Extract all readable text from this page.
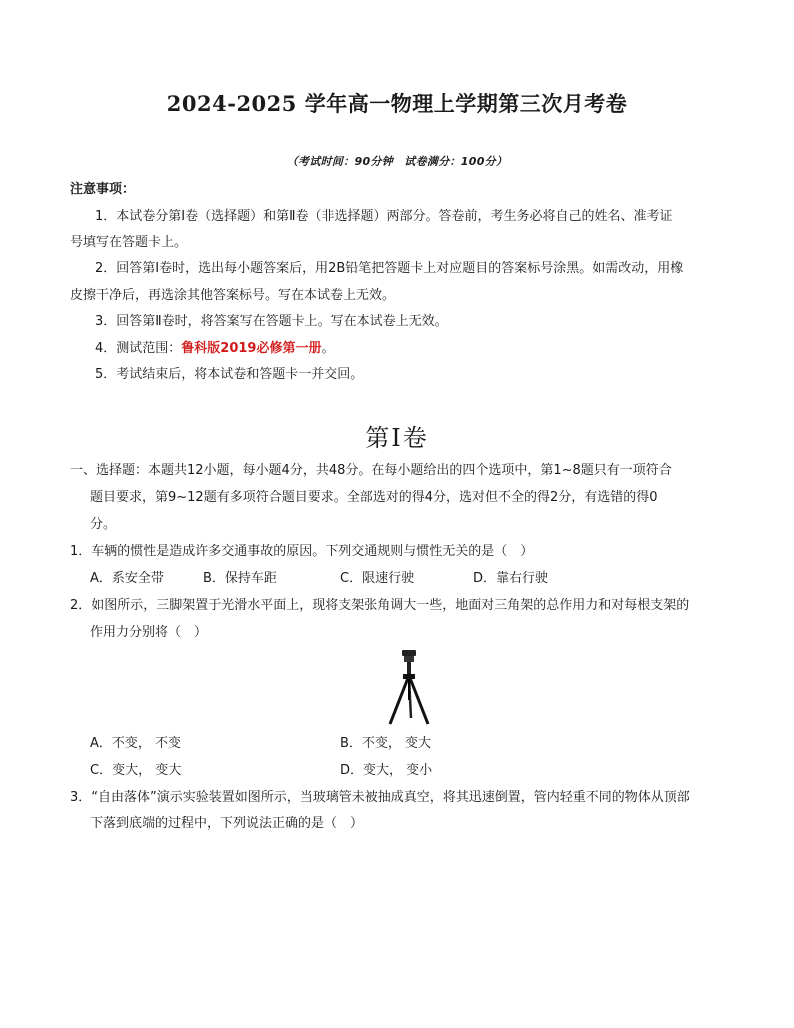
2024-2025 学年高一物理上学期第三次月考卷
（考试时间：90分钟　试卷满分：100分）
注意事项：
1．本试卷分第Ⅰ卷（选择题）和第Ⅱ卷（非选择题）两部分。答卷前，考生务必将自己的姓名、准考证
号填写在答题卡上。
2．回答第Ⅰ卷时，选出每小题答案后，用2B铅笔把答题卡上对应题目的答案标号涂黑。如需改动，用橡
皮擦干净后，再选涂其他答案标号。写在本试卷上无效。
3．回答第Ⅱ卷时，将答案写在答题卡上。写在本试卷上无效。
4．测试范围：鲁科版2019必修第一册。
5．考试结束后，将本试卷和答题卡一并交回。
第Ⅰ卷
一、选择题：本题共12小题，每小题4分，共48分。在每小题给出的四个选项中，第1~8题只有一项符合
题目要求，第9~12题有多项符合题目要求。全部选对的得4分，选对但不全的得2分，有选错的得0
分。
1．车辆的惯性是造成许多交通事故的原因。下列交通规则与惯性无关的是（　）
A．系安全带	B．保持车距	C．限速行驶	D．靠右行驶
2．如图所示，三脚架置于光滑水平面上，现将支架张角调大一些，地面对三角架的总作用力和对每根支架的
作用力分别将（　）
A．不变， 不变	B．不变， 变大
C．变大， 变大	D．变大， 变小
3．“自由落体”演示实验装置如图所示，当玻璃管未被抽成真空，将其迅速倒置，管内轻重不同的物体从顶部
下落到底端的过程中，下列说法正确的是（　）
